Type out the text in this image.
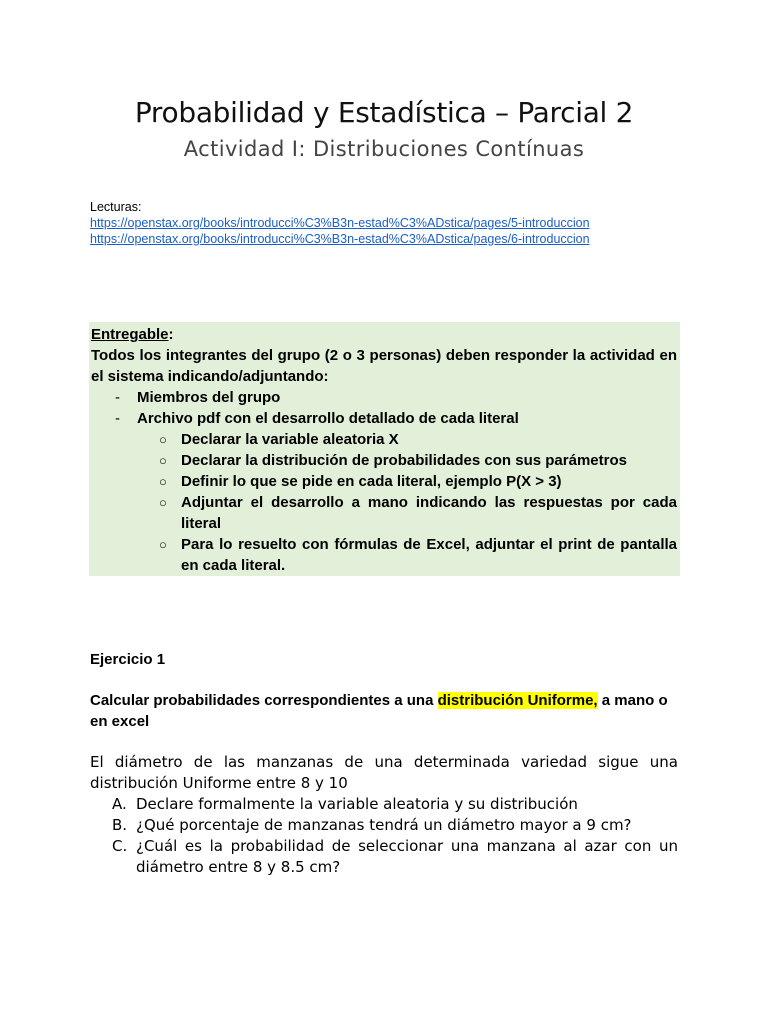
Probabilidad y Estadística – Parcial 2
Actividad I: Distribuciones Contínuas
Lecturas:
https://openstax.org/books/introducci%C3%B3n-estad%C3%ADstica/pages/5-introduccion
https://openstax.org/books/introducci%C3%B3n-estad%C3%ADstica/pages/6-introduccion
Entregable:
Todos los integrantes del grupo (2 o 3 personas) deben responder la actividad en el sistema indicando/adjuntando:
- Miembros del grupo
- Archivo pdf con el desarrollo detallado de cada literal
○ Declarar la variable aleatoria X
○ Declarar la distribución de probabilidades con sus parámetros
○ Definir lo que se pide en cada literal, ejemplo P(X > 3)
○ Adjuntar el desarrollo a mano indicando las respuestas por cada literal
○ Para lo resuelto con fórmulas de Excel, adjuntar el print de pantalla en cada literal.
Ejercicio 1
Calcular probabilidades correspondientes a una distribución Uniforme, a mano o en excel
El diámetro de las manzanas de una determinada variedad sigue una distribución Uniforme entre 8 y 10
A. Declare formalmente la variable aleatoria y su distribución
B. ¿Qué porcentaje de manzanas tendrá un diámetro mayor a 9 cm?
C. ¿Cuál es la probabilidad de seleccionar una manzana al azar con un diámetro entre 8 y 8.5 cm?
